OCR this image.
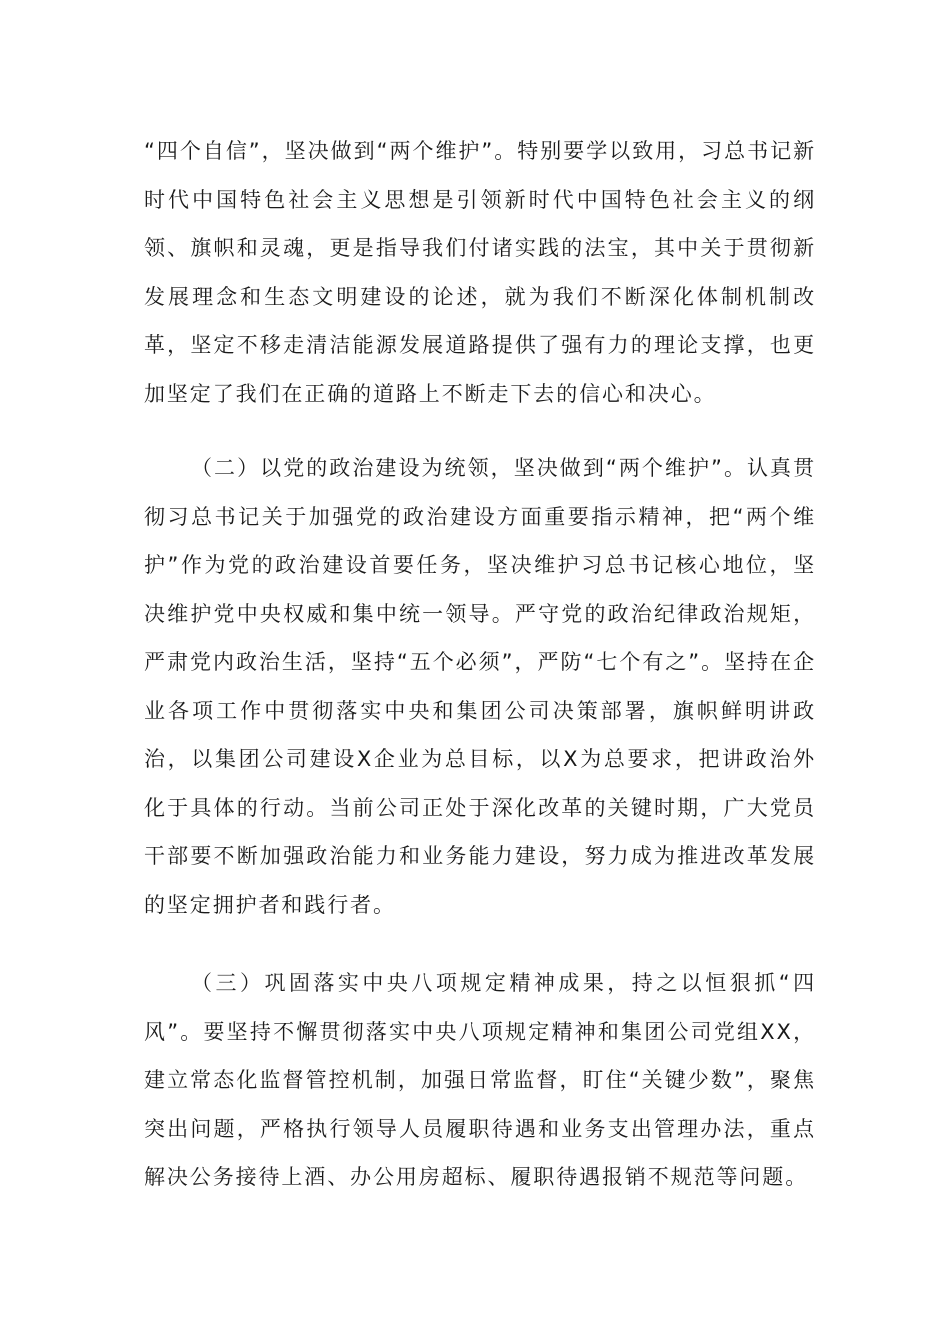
“四个自信”，坚决做到“两个维护”。特别要学以致用，习总书记新时代中国特色社会主义思想是引领新时代中国特色社会主义的纲领、旗帜和灵魂，更是指导我们付诸实践的法宝，其中关于贯彻新发展理念和生态文明建设的论述，就为我们不断深化体制机制改革，坚定不移走清洁能源发展道路提供了强有力的理论支撑，也更加坚定了我们在正确的道路上不断走下去的信心和决心。

（二）以党的政治建设为统领，坚决做到“两个维护”。认真贯彻习总书记关于加强党的政治建设方面重要指示精神，把“两个维护”作为党的政治建设首要任务，坚决维护习总书记核心地位，坚决维护党中央权威和集中统一领导。严守党的政治纪律政治规矩，严肃党内政治生活，坚持“五个必须”，严防“七个有之”。坚持在企业各项工作中贯彻落实中央和集团公司决策部署，旗帜鲜明讲政治，以集团公司建设X企业为总目标，以X为总要求，把讲政治外化于具体的行动。当前公司正处于深化改革的关键时期，广大党员干部要不断加强政治能力和业务能力建设，努力成为推进改革发展的坚定拥护者和践行者。

（三）巩固落实中央八项规定精神成果，持之以恒狠抓“四风”。要坚持不懈贯彻落实中央八项规定精神和集团公司党组XX，建立常态化监督管控机制，加强日常监督，盯住“关键少数”，聚焦突出问题，严格执行领导人员履职待遇和业务支出管理办法，重点解决公务接待上酒、办公用房超标、履职待遇报销不规范等问题。
